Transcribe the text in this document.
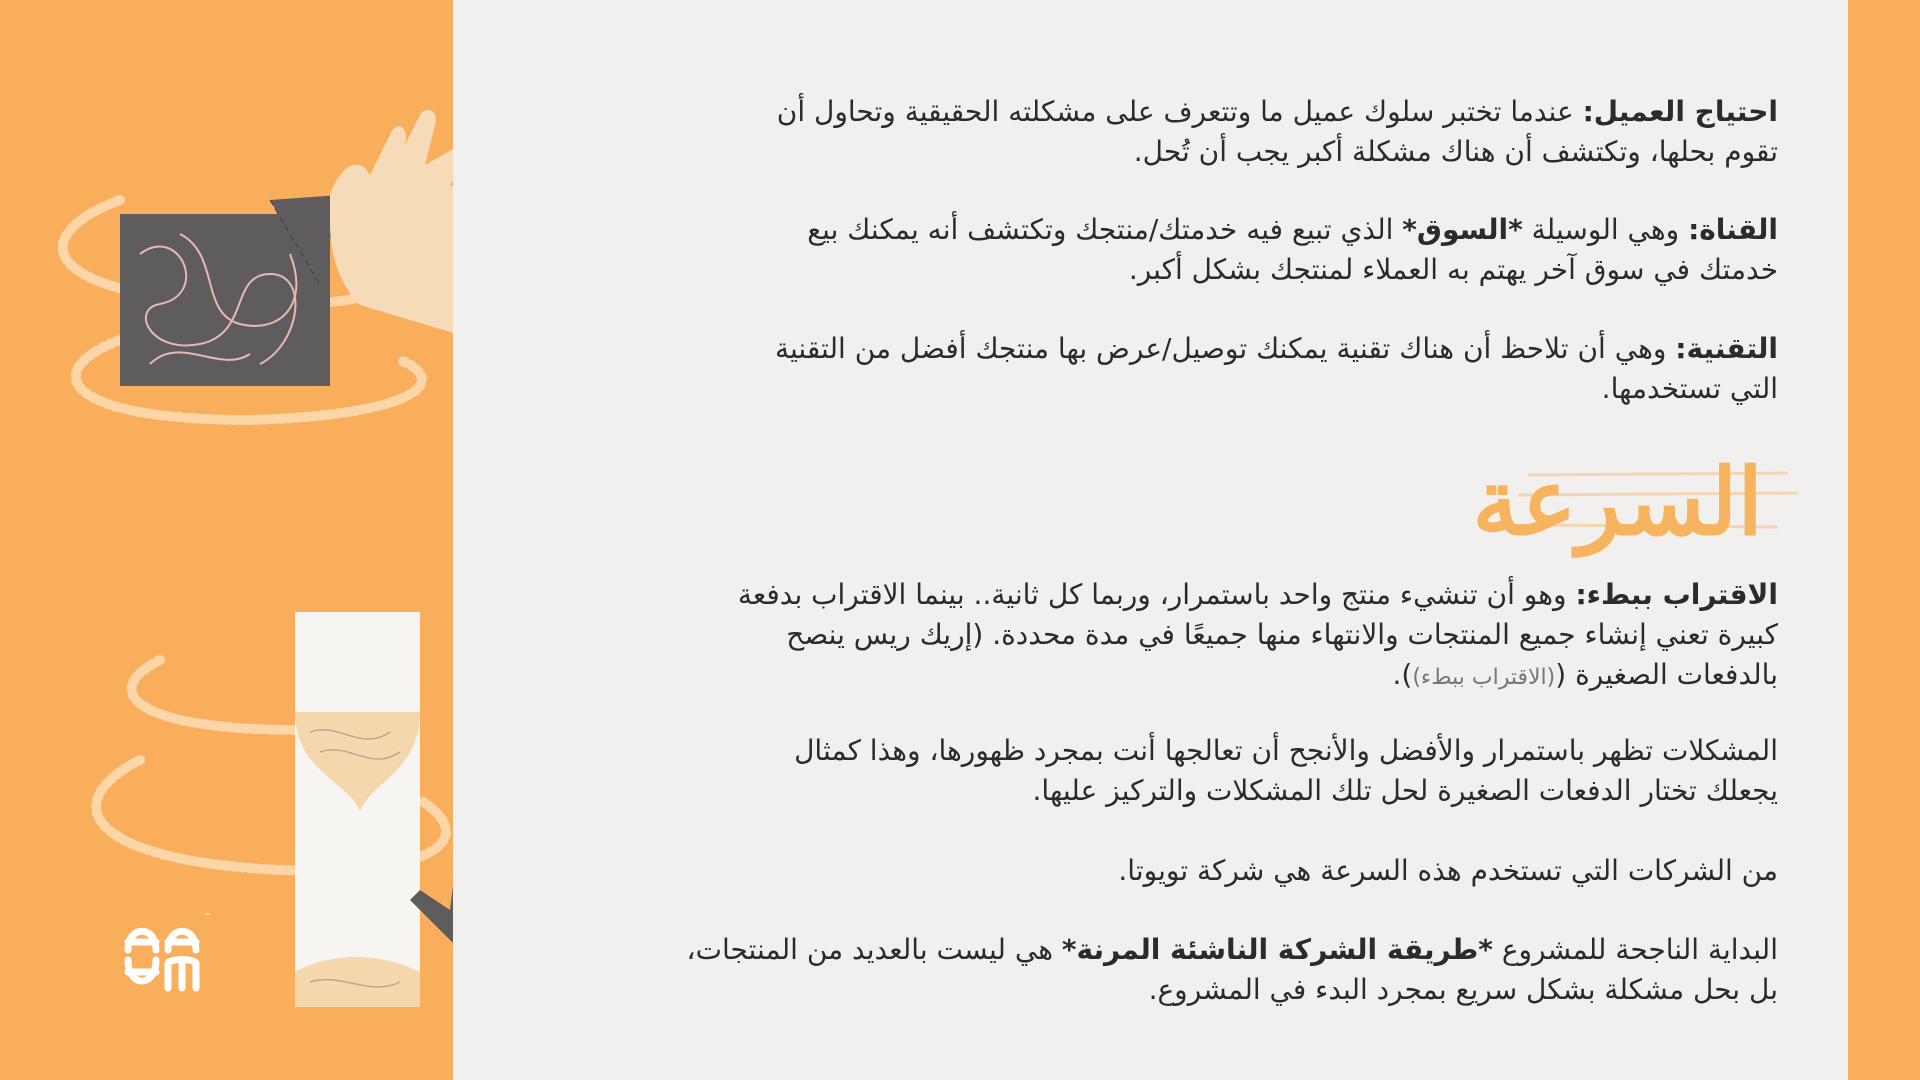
™
احتياج العميل: عندما تختبر سلوك عميل ما وتتعرف على مشكلته الحقيقية وتحاول أن
تقوم بحلها، وتكتشف أن هناك مشكلة أكبر يجب أن تُحل.
القناة: وهي الوسيلة *السوق* الذي تبيع فيه خدمتك/منتجك وتكتشف أنه يمكنك بيع
خدمتك في سوق آخر يهتم به العملاء لمنتجك بشكل أكبر.
التقنية: وهي أن تلاحظ أن هناك تقنية يمكنك توصيل/عرض بها منتجك أفضل من التقنية
التي تستخدمها.
السرعة
الاقتراب ببطء: وهو أن تنشيء منتج واحد باستمرار، وربما كل ثانية.. بينما الاقتراب بدفعة
كبيرة تعني إنشاء جميع المنتجات والانتهاء منها جميعًا في مدة محددة. (إريك ريس ينصح
بالدفعات الصغيرة ((الاقتراب ببطء)).
المشكلات تظهر باستمرار والأفضل والأنجح أن تعالجها أنت بمجرد ظهورها، وهذا كمثال
يجعلك تختار الدفعات الصغيرة لحل تلك المشكلات والتركيز عليها.
من الشركات التي تستخدم هذه السرعة هي شركة تويوتا.
البداية الناجحة للمشروع *طريقة الشركة الناشئة المرنة* هي ليست بالعديد من المنتجات،
بل بحل مشكلة بشكل سريع بمجرد البدء في المشروع.
